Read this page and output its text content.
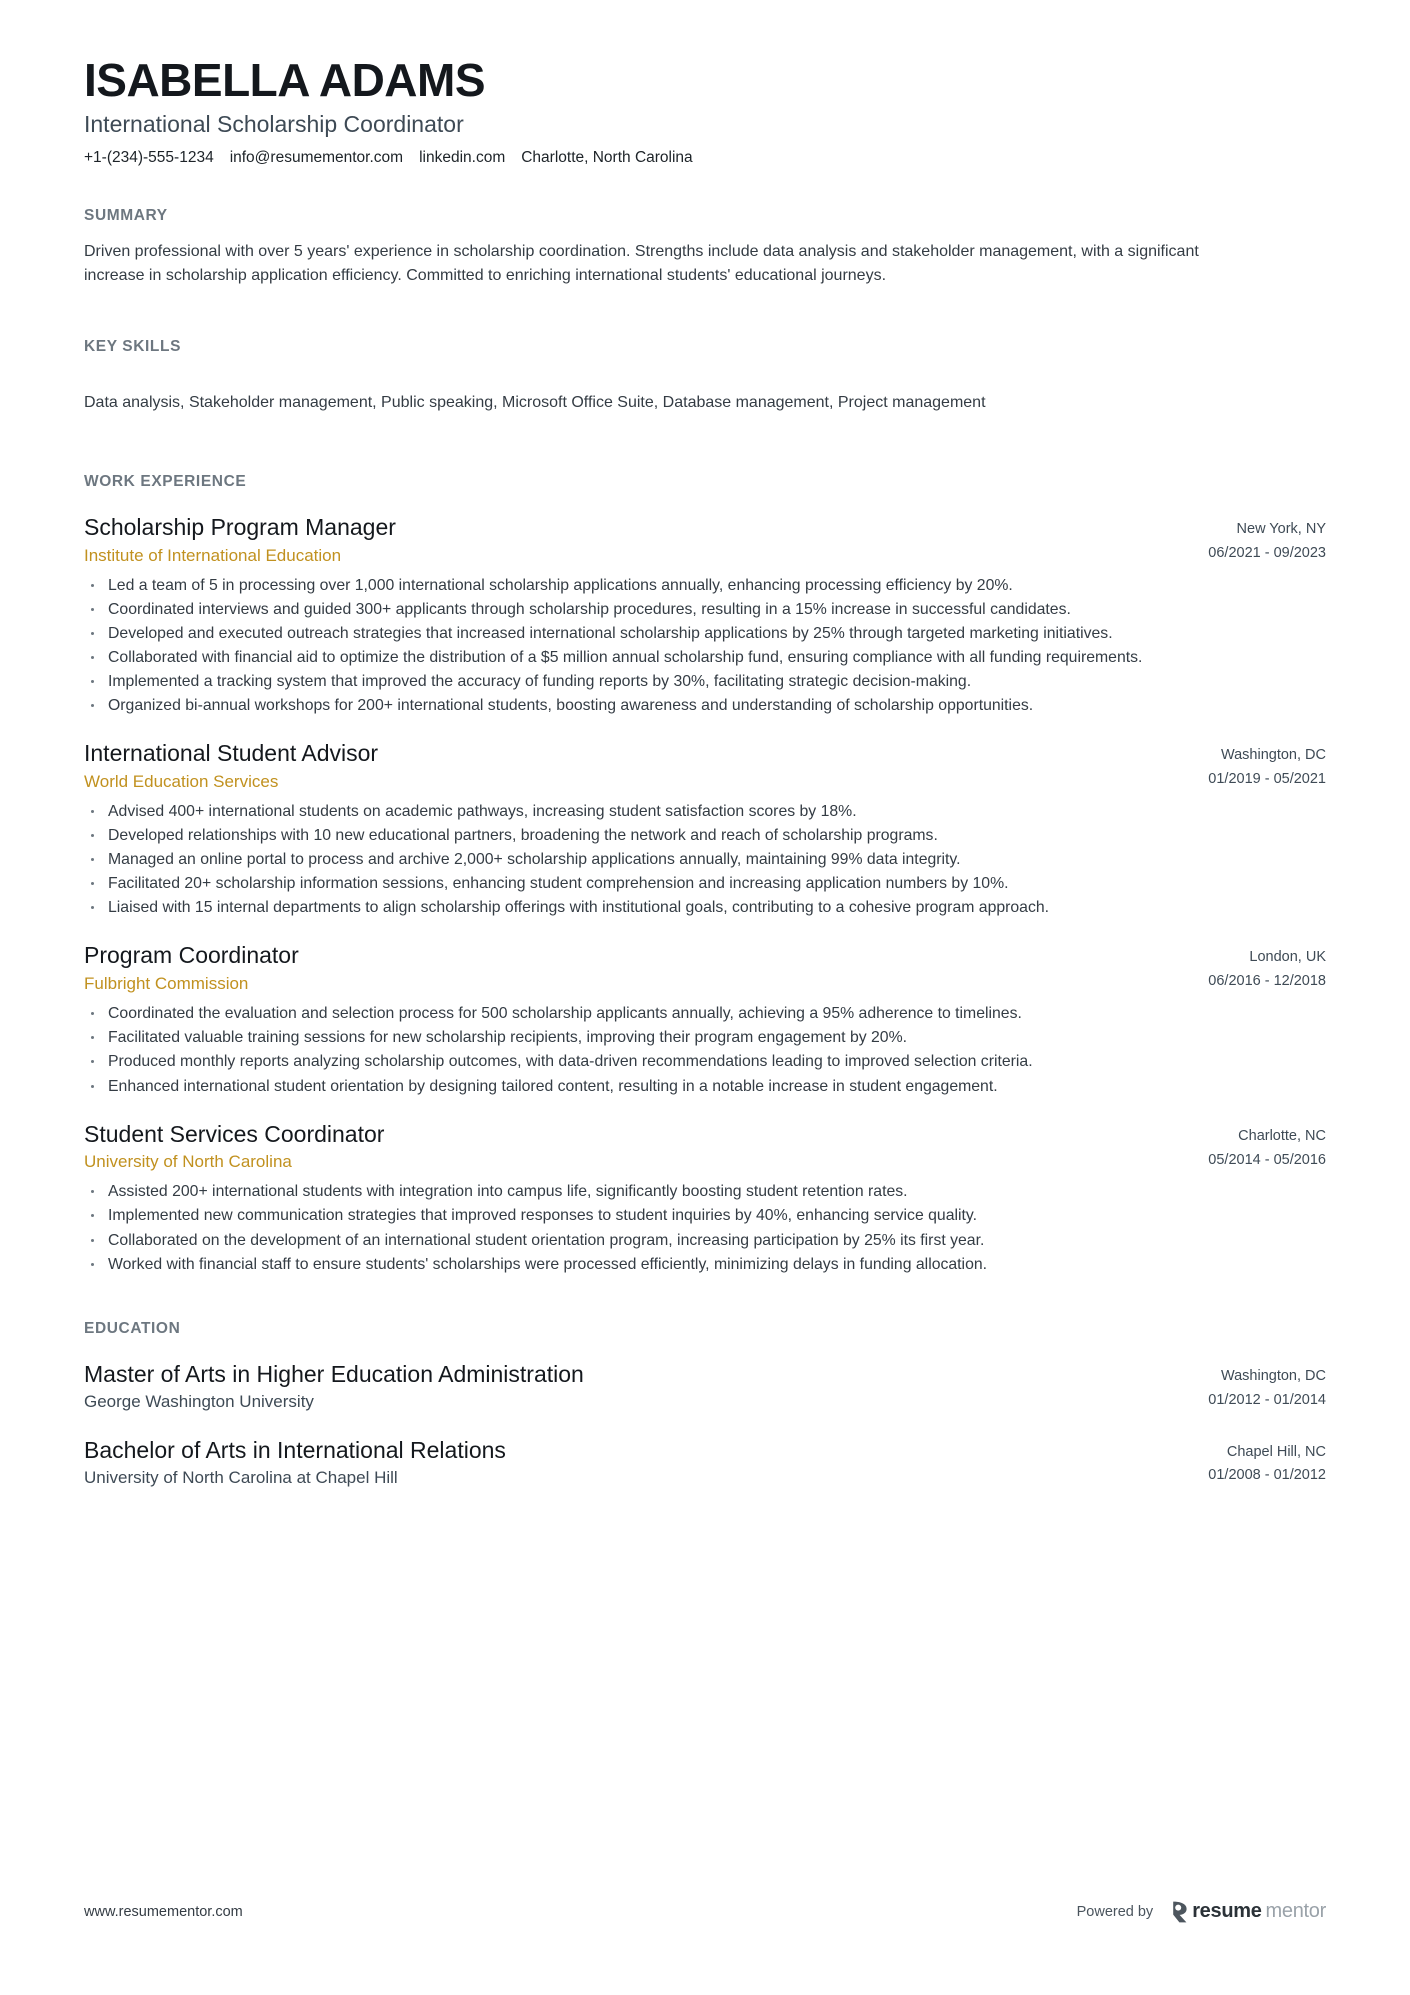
ISABELLA ADAMS
International Scholarship Coordinator
+1-(234)-555-1234 info@resumementor.com linkedin.com Charlotte, North Carolina
SUMMARY
Driven professional with over 5 years' experience in scholarship coordination. Strengths include data analysis and stakeholder management, with a significant increase in scholarship application efficiency. Committed to enriching international students' educational journeys.
KEY SKILLS
Data analysis, Stakeholder management, Public speaking, Microsoft Office Suite, Database management, Project management
WORK EXPERIENCE
Scholarship Program Manager
Institute of International Education
New York, NY
06/2021 - 09/2023
Led a team of 5 in processing over 1,000 international scholarship applications annually, enhancing processing efficiency by 20%.
Coordinated interviews and guided 300+ applicants through scholarship procedures, resulting in a 15% increase in successful candidates.
Developed and executed outreach strategies that increased international scholarship applications by 25% through targeted marketing initiatives.
Collaborated with financial aid to optimize the distribution of a $5 million annual scholarship fund, ensuring compliance with all funding requirements.
Implemented a tracking system that improved the accuracy of funding reports by 30%, facilitating strategic decision-making.
Organized bi-annual workshops for 200+ international students, boosting awareness and understanding of scholarship opportunities.
International Student Advisor
World Education Services
Washington, DC
01/2019 - 05/2021
Advised 400+ international students on academic pathways, increasing student satisfaction scores by 18%.
Developed relationships with 10 new educational partners, broadening the network and reach of scholarship programs.
Managed an online portal to process and archive 2,000+ scholarship applications annually, maintaining 99% data integrity.
Facilitated 20+ scholarship information sessions, enhancing student comprehension and increasing application numbers by 10%.
Liaised with 15 internal departments to align scholarship offerings with institutional goals, contributing to a cohesive program approach.
Program Coordinator
Fulbright Commission
London, UK
06/2016 - 12/2018
Coordinated the evaluation and selection process for 500 scholarship applicants annually, achieving a 95% adherence to timelines.
Facilitated valuable training sessions for new scholarship recipients, improving their program engagement by 20%.
Produced monthly reports analyzing scholarship outcomes, with data-driven recommendations leading to improved selection criteria.
Enhanced international student orientation by designing tailored content, resulting in a notable increase in student engagement.
Student Services Coordinator
University of North Carolina
Charlotte, NC
05/2014 - 05/2016
Assisted 200+ international students with integration into campus life, significantly boosting student retention rates.
Implemented new communication strategies that improved responses to student inquiries by 40%, enhancing service quality.
Collaborated on the development of an international student orientation program, increasing participation by 25% its first year.
Worked with financial staff to ensure students' scholarships were processed efficiently, minimizing delays in funding allocation.
EDUCATION
Master of Arts in Higher Education Administration
George Washington University
Washington, DC
01/2012 - 01/2014
Bachelor of Arts in International Relations
University of North Carolina at Chapel Hill
Chapel Hill, NC
01/2008 - 01/2012
www.resumementor.com	Powered by resume mentor
